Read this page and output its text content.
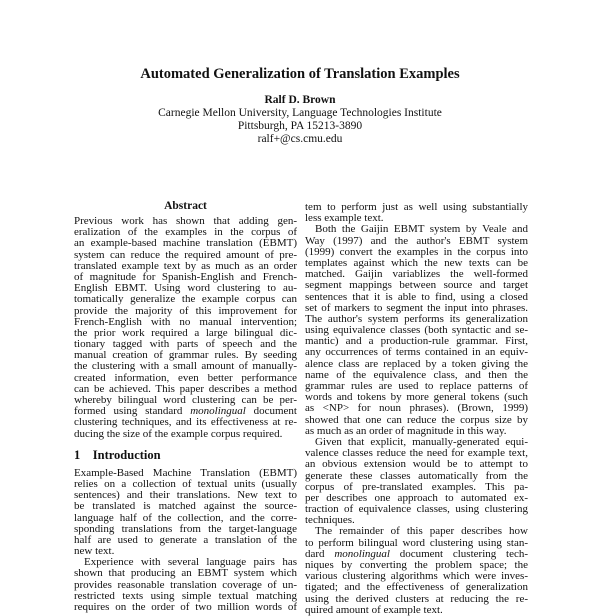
Automated Generalization of Translation Examples
Ralf D. Brown
Carnegie Mellon University, Language Technologies Institute
Pittsburgh, PA 15213-3890
ralf+@cs.cmu.edu
Abstract
Previous work has shown that adding gen-
eralization of the examples in the corpus of
an example-based machine translation (EBMT)
system can reduce the required amount of pre-
translated example text by as much as an order
of magnitude for Spanish-English and French-
English EBMT. Using word clustering to au-
tomatically generalize the example corpus can
provide the majority of this improvement for
French-English with no manual intervention;
the prior work required a large bilingual dic-
tionary tagged with parts of speech and the
manual creation of grammar rules. By seeding
the clustering with a small amount of manually-
created information, even better performance
can be achieved. This paper describes a method
whereby bilingual word clustering can be per-
formed using standard monolingual document
clustering techniques, and its effectiveness at re-
ducing the size of the example corpus required.
1    Introduction
Example-Based Machine Translation (EBMT)
relies on a collection of textual units (usually
sentences) and their translations. New text to
be translated is matched against the source-
language half of the collection, and the corre-
sponding translations from the target-language
half are used to generate a translation of the
new text.
Experience with several language pairs has
shown that producing an EBMT system which
provides reasonable translation coverage of un-
restricted texts using simple textual matching
requires on the order of two million words of
tem to perform just as well using substantially
less example text.
Both the Gaijin EBMT system by Veale and
Way (1997) and the author's EBMT system
(1999) convert the examples in the corpus into
templates against which the new texts can be
matched. Gaijin variablizes the well-formed
segment mappings between source and target
sentences that it is able to find, using a closed
set of markers to segment the input into phrases.
The author's system performs its generalization
using equivalence classes (both syntactic and se-
mantic) and a production-rule grammar. First,
any occurrences of terms contained in an equiv-
alence class are replaced by a token giving the
name of the equivalence class, and then the
grammar rules are used to replace patterns of
words and tokens by more general tokens (such
as <NP> for noun phrases). (Brown, 1999)
showed that one can reduce the corpus size by
as much as an order of magnitude in this way.
Given that explicit, manually-generated equi-
valence classes reduce the need for example text,
an obvious extension would be to attempt to
generate these classes automatically from the
corpus of pre-translated examples. This pa-
per describes one approach to automated ex-
traction of equivalence classes, using clustering
techniques.
The remainder of this paper describes how
to perform bilingual word clustering using stan-
dard monolingual document clustering tech-
niques by converting the problem space; the
various clustering algorithms which were inves-
tigated; and the effectiveness of generalization
using the derived clusters at reducing the re-
quired amount of example text.
